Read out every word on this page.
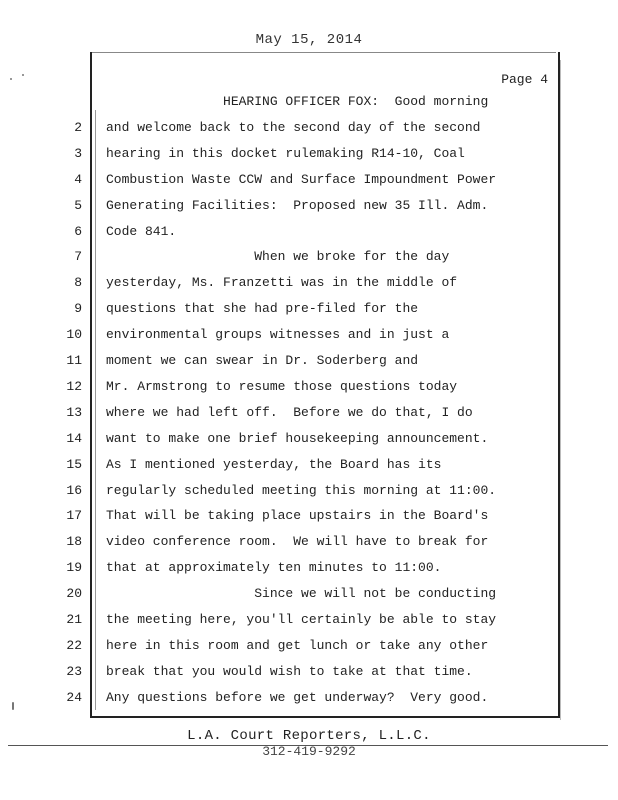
May 15, 2014
Page 4
HEARING OFFICER FOX:  Good morning
2 and welcome back to the second day of the second
3 hearing in this docket rulemaking R14-10, Coal
4 Combustion Waste CCW and Surface Impoundment Power
5 Generating Facilities:  Proposed new 35 Ill. Adm.
6 Code 841.
7 When we broke for the day
8 yesterday, Ms. Franzetti was in the middle of
9 questions that she had pre-filed for the
10 environmental groups witnesses and in just a
11 moment we can swear in Dr. Soderberg and
12 Mr. Armstrong to resume those questions today
13 where we had left off.  Before we do that, I do
14 want to make one brief housekeeping announcement.
15 As I mentioned yesterday, the Board has its
16 regularly scheduled meeting this morning at 11:00.
17 That will be taking place upstairs in the Board's
18 video conference room.  We will have to break for
19 that at approximately ten minutes to 11:00.
20 Since we will not be conducting
21 the meeting here, you'll certainly be able to stay
22 here in this room and get lunch or take any other
23 break that you would wish to take at that time.
24 Any questions before we get underway?  Very good.
L.A. Court Reporters, L.L.C.
312-419-9292
